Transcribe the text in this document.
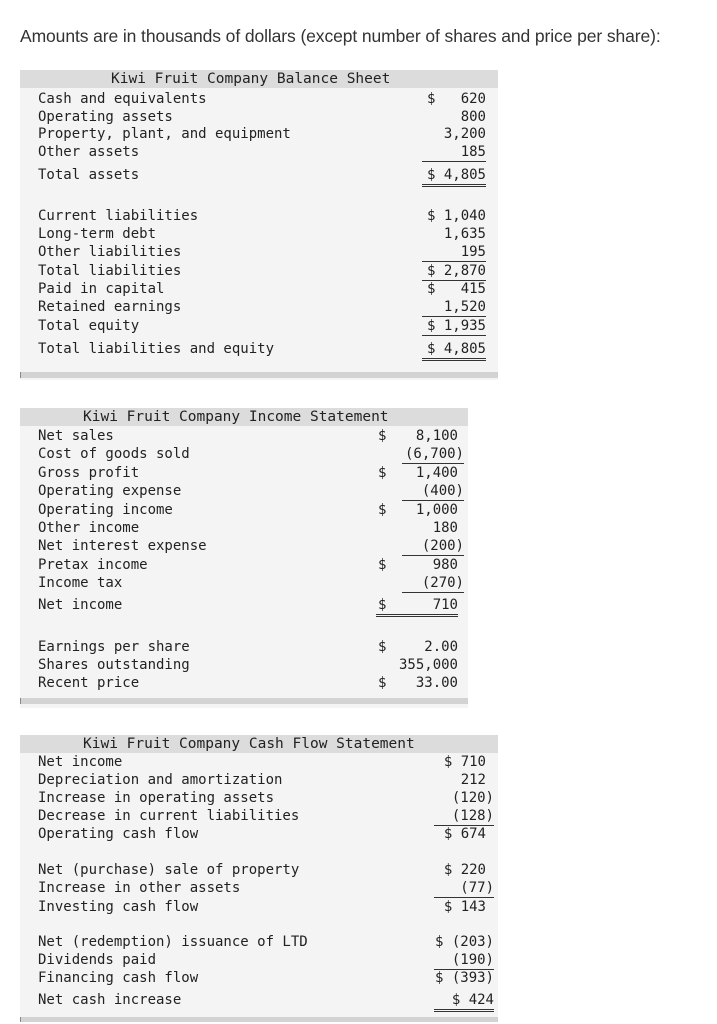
Amounts are in thousands of dollars (except number of shares and price per share):
Kiwi Fruit Company Balance Sheet
Cash and equivalents	$	620
Operating assets	800
Property, plant, and equipment	3,200
Other assets	185
Total assets	$ 4,805
Current liabilities	$ 1,040
Long-term debt	1,635
Other liabilities	195
Total liabilities	$ 2,870
Paid in capital	$	415
Retained earnings	1,520
Total equity	$ 1,935
Total liabilities and equity	$ 4,805
Kiwi Fruit Company Income Statement
Net sales	$	8,100
Cost of goods sold	(6,700)
Gross profit	$	1,400
Operating expense	(400)
Operating income	$	1,000
Other income	180
Net interest expense	(200)
Pretax income	$	980
Income tax	(270)
Net income	$	710
Earnings per share	$	2.00
Shares outstanding	355,000
Recent price	$	33.00
Kiwi Fruit Company Cash Flow Statement
Net income	$ 710
Depreciation and amortization	212
Increase in operating assets	(120)
Decrease in current liabilities	(128)
Operating cash flow	$ 674
Net (purchase) sale of property	$ 220
Increase in other assets	(77)
Investing cash flow	$ 143
Net (redemption) issuance of LTD	$ (203)
Dividends paid	(190)
Financing cash flow	$ (393)
Net cash increase	$ 424
